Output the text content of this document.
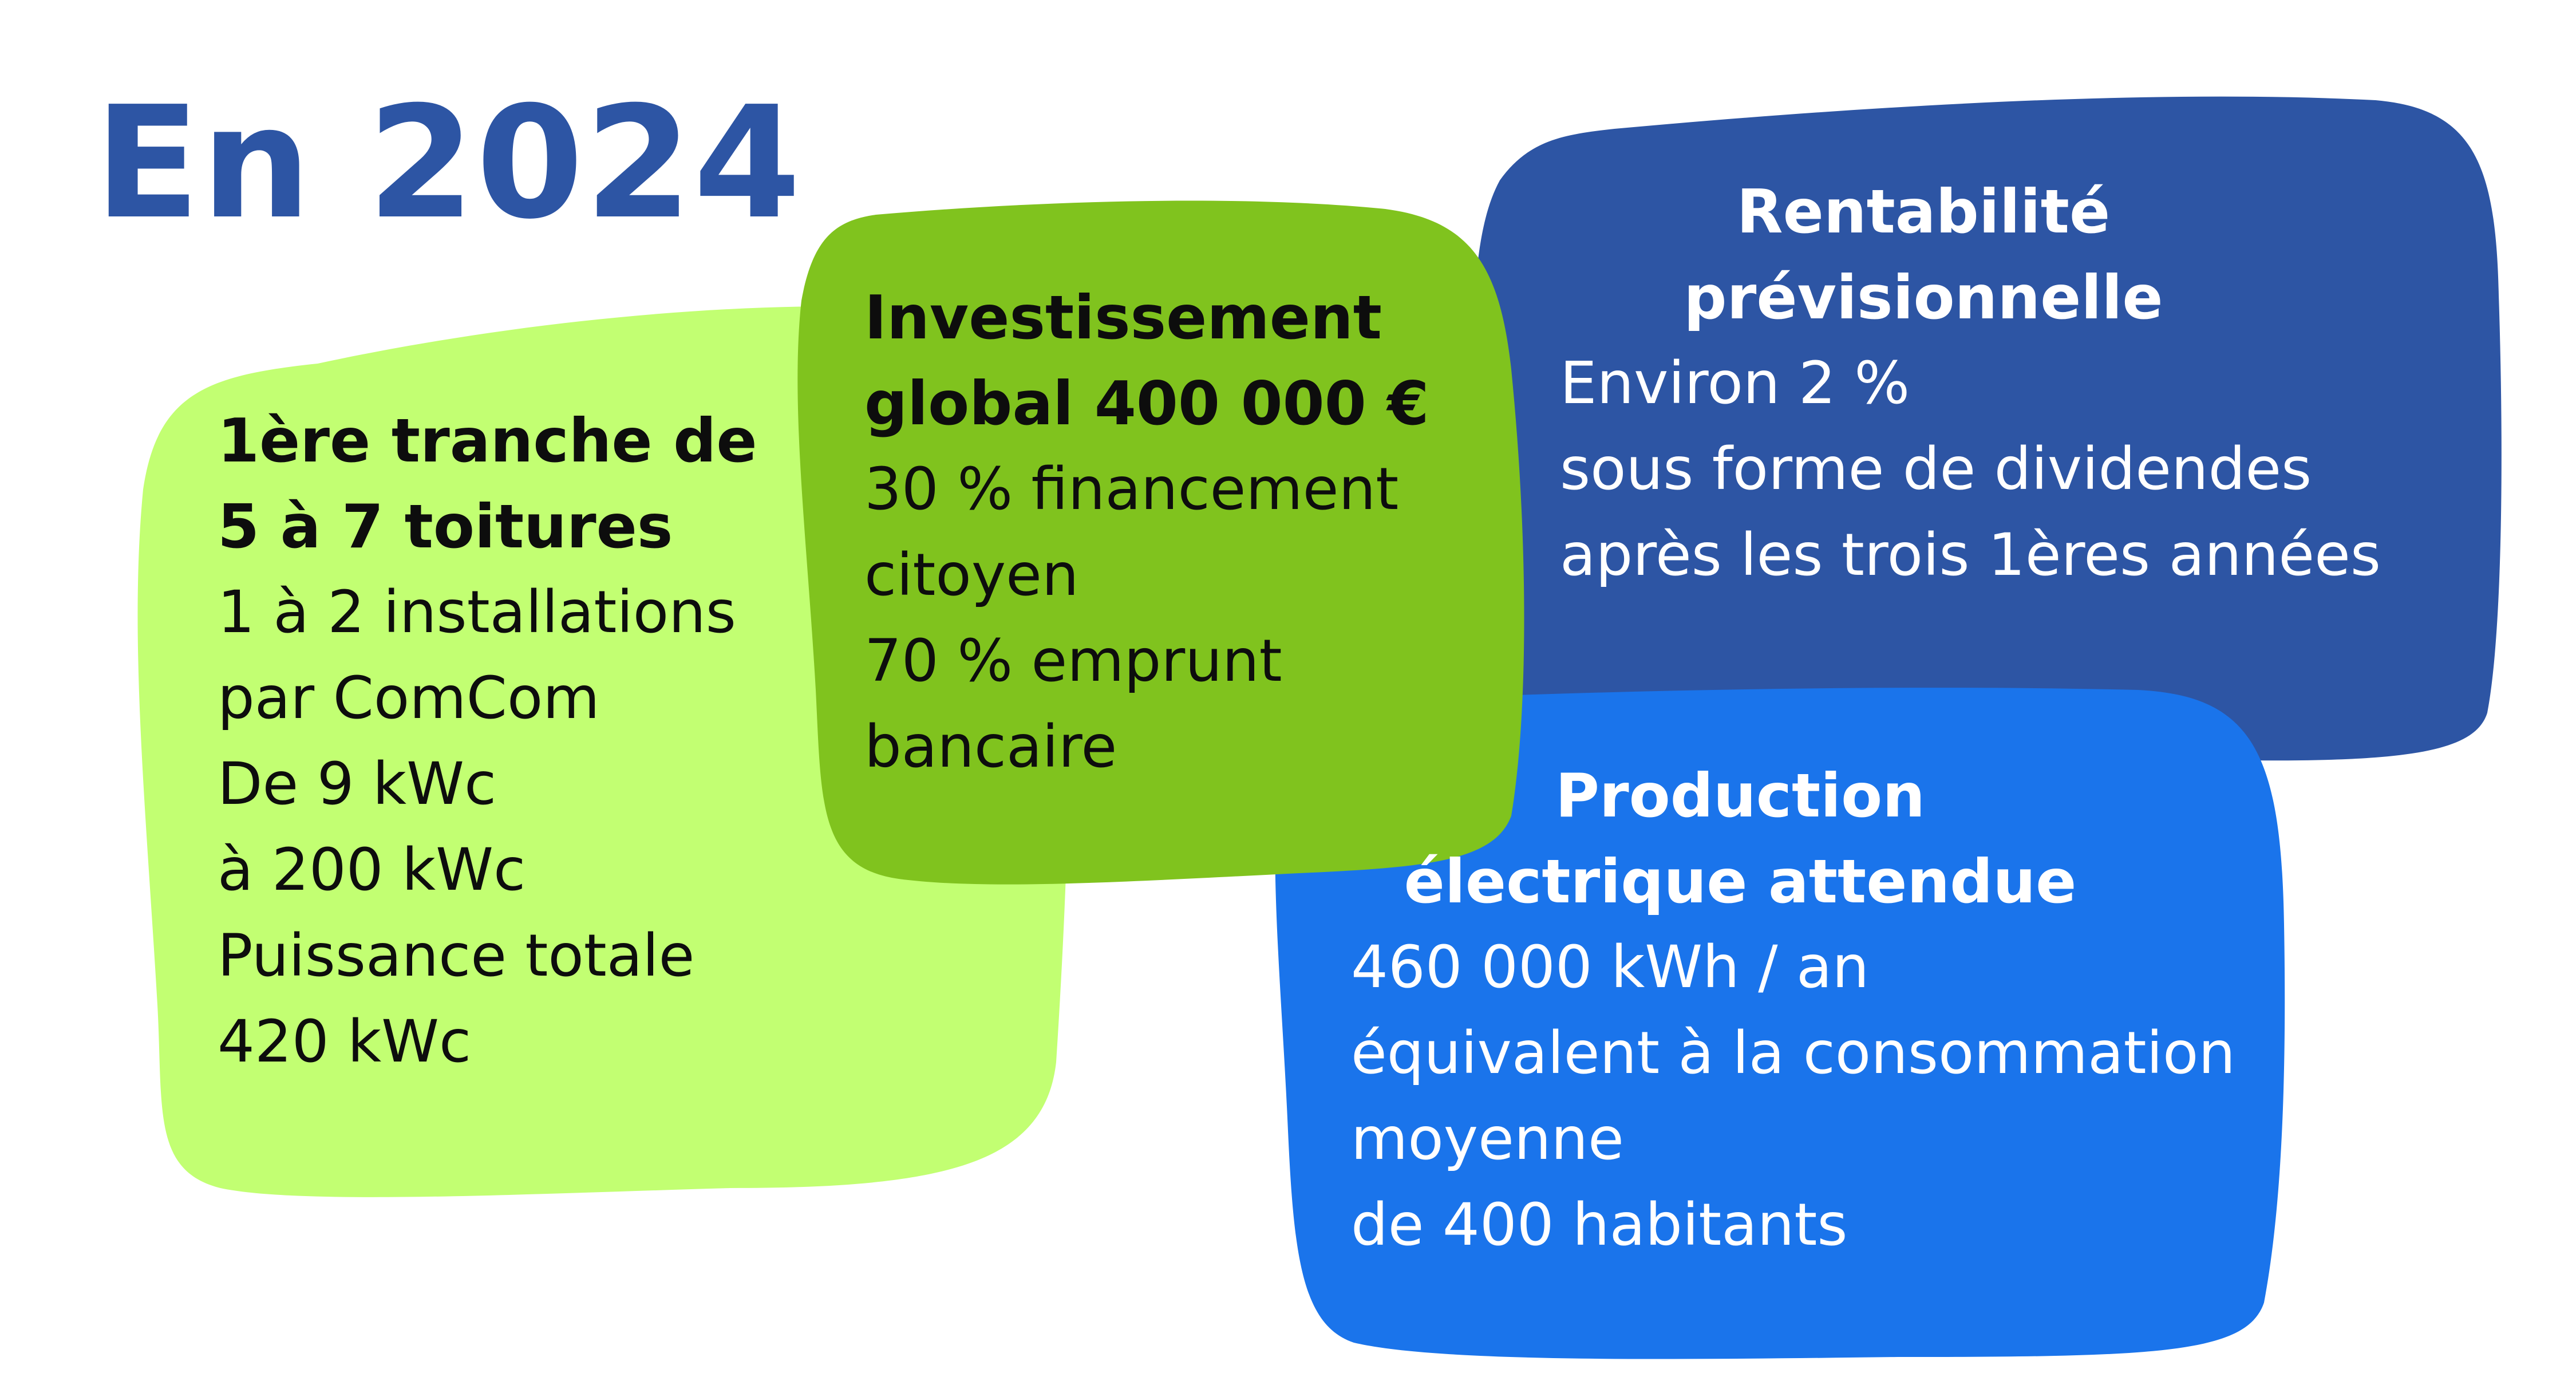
En 2024
1ère tranche de
5 à 7 toitures
1 à 2 installations
par ComCom
De 9 kWc
à 200 kWc
Puissance totale
420 kWc
Investissement
global 400 000 €
30 % financement
citoyen
70 % emprunt
bancaire
Rentabilité
prévisionnelle
Environ 2 %
sous forme de dividendes
après les trois 1ères années
Production
électrique attendue
460 000 kWh / an
équivalent à la consommation
moyenne
de 400 habitants
